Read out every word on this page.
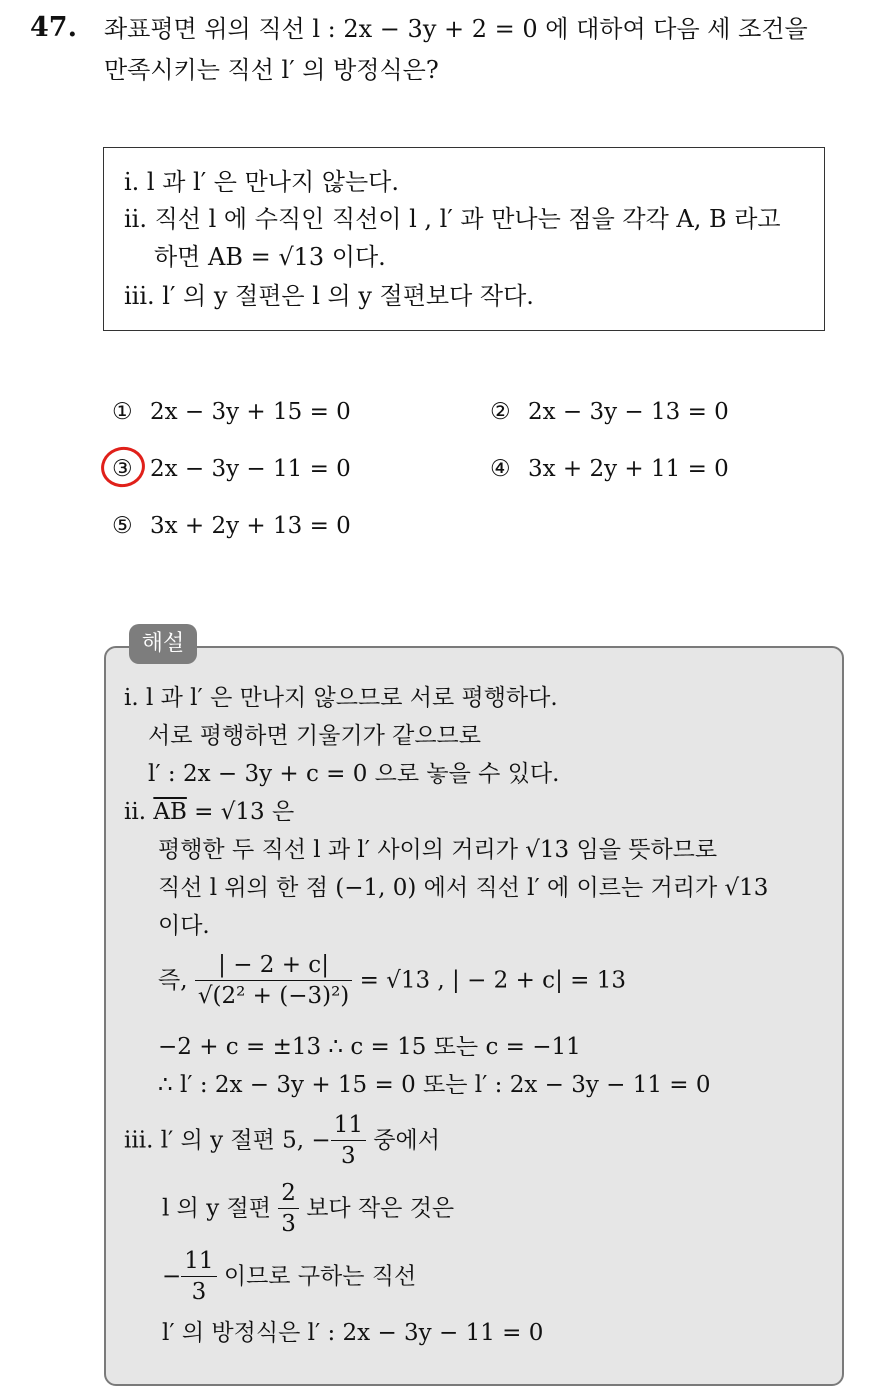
47. 좌표평면 위의 직선 l : 2x − 3y + 2 = 0 에 대하여 다음 세 조건을
만족시키는 직선 l′ 의 방정식은?
i. l 과 l′ 은 만나지 않는다.
ii. 직선 l 에 수직인 직선이 l , l′ 과 만나는 점을 각각 A, B 라고
하면 AB = √13 이다.
iii. l′ 의 y 절편은 l 의 y 절편보다 작다.
① 2x − 3y + 15 = 0	② 2x − 3y − 13 = 0
③ 2x − 3y − 11 = 0	④ 3x + 2y + 11 = 0
⑤ 3x + 2y + 13 = 0
해설
i. l 과 l′ 은 만나지 않으므로 서로 평행하다.
서로 평행하면 기울기가 같으므로
l′ : 2x − 3y + c = 0 으로 놓을 수 있다.
ii. $\overline{AB} = √13$ 은
평행한 두 직선 l 과 l′ 사이의 거리가 √13 임을 뜻하므로
직선 l 위의 한 점 (−1, 0) 에서 직선 l′ 에 이르는 거리가 √13
이다.
즉, $\frac{| - 2 + c|}{\text{√(2² + (−3)²)}} = √13$ , | − 2 + c| = 13
−2 + c = ±13 ∴ c = 15 또는 c = −11
∴ l′ : 2x − 3y + 15 = 0 또는 l′ : 2x − 3y − 11 = 0
iii. l′ 의 y 절편 5, − $\frac{11}{3}$ 중에서
l 의 y 절편 $\frac{2}{3}$ 보다 작은 것은
− $\frac{11}{3}$ 이므로 구하는 직선
l′ 의 방정식은 l′ : 2x − 3y − 11 = 0
